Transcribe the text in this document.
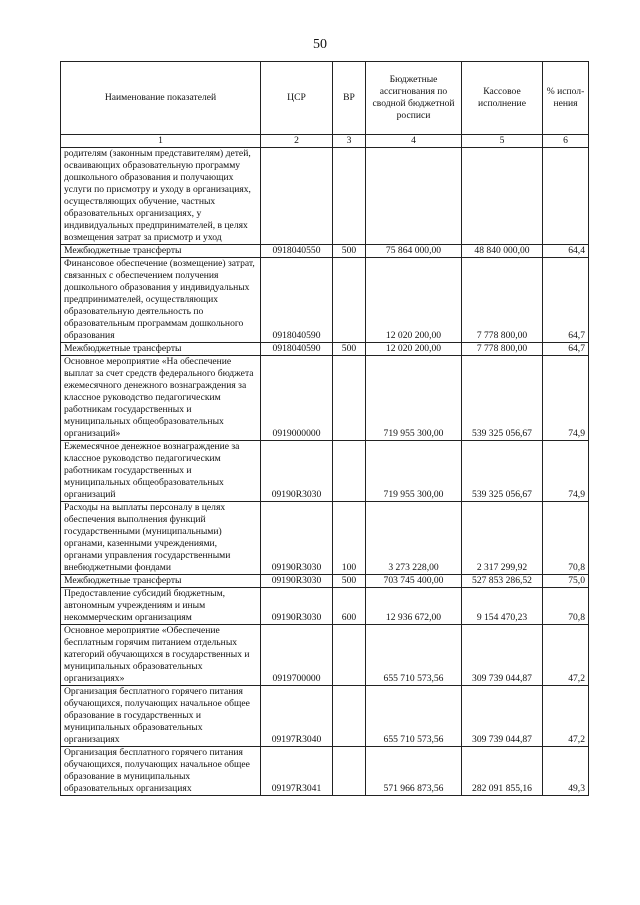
50
Наименование показателей	ЦСР	ВР	Бюджетные ассигнования по сводной бюджетной росписи	Кассовое исполнение	% испол-нения
1	2	3	4	5	6
родителям (законным представителям) детей, осваивающих образовательную программу дошкольного образования и получающих услуги по присмотру и уходу в организациях, осуществляющих обучение, частных образовательных организациях, у индивидуальных предпринимателей, в целях возмещения затрат за присмотр и уход					
Межбюджетные трансферты	0918040550	500	75 864 000,00	48 840 000,00	64,4
Финансовое обеспечение (возмещение) затрат, связанных с обеспечением получения дошкольного образования у индивидуальных предпринимателей, осуществляющих образовательную деятельность по образовательным программам дошкольного образования	0918040590		12 020 200,00	7 778 800,00	64,7
Межбюджетные трансферты	0918040590	500	12 020 200,00	7 778 800,00	64,7
Основное мероприятие «На обеспечение выплат за счет средств федерального бюджета ежемесячного денежного вознаграждения за классное руководство педагогическим работникам государственных и муниципальных общеобразовательных организаций»	0919000000		719 955 300,00	539 325 056,67	74,9
Ежемесячное денежное вознаграждение за классное руководство педагогическим работникам государственных и муниципальных общеобразовательных организаций	09190R3030		719 955 300,00	539 325 056,67	74,9
Расходы на выплаты персоналу в целях обеспечения выполнения функций государственными (муниципальными) органами, казенными учреждениями, органами управления государственными внебюджетными фондами	09190R3030	100	3 273 228,00	2 317 299,92	70,8
Межбюджетные трансферты	09190R3030	500	703 745 400,00	527 853 286,52	75,0
Предоставление субсидий бюджетным, автономным учреждениям и иным некоммерческим организациям	09190R3030	600	12 936 672,00	9 154 470,23	70,8
Основное мероприятие «Обеспечение бесплатным горячим питанием отдельных категорий обучающихся в государственных и муниципальных образовательных организациях»	0919700000		655 710 573,56	309 739 044,87	47,2
Организация бесплатного горячего питания обучающихся, получающих начальное общее образование в государственных и муниципальных образовательных организациях	09197R3040		655 710 573,56	309 739 044,87	47,2
Организация бесплатного горячего питания обучающихся, получающих начальное общее образование в муниципальных образовательных организациях	09197R3041		571 966 873,56	282 091 855,16	49,3
